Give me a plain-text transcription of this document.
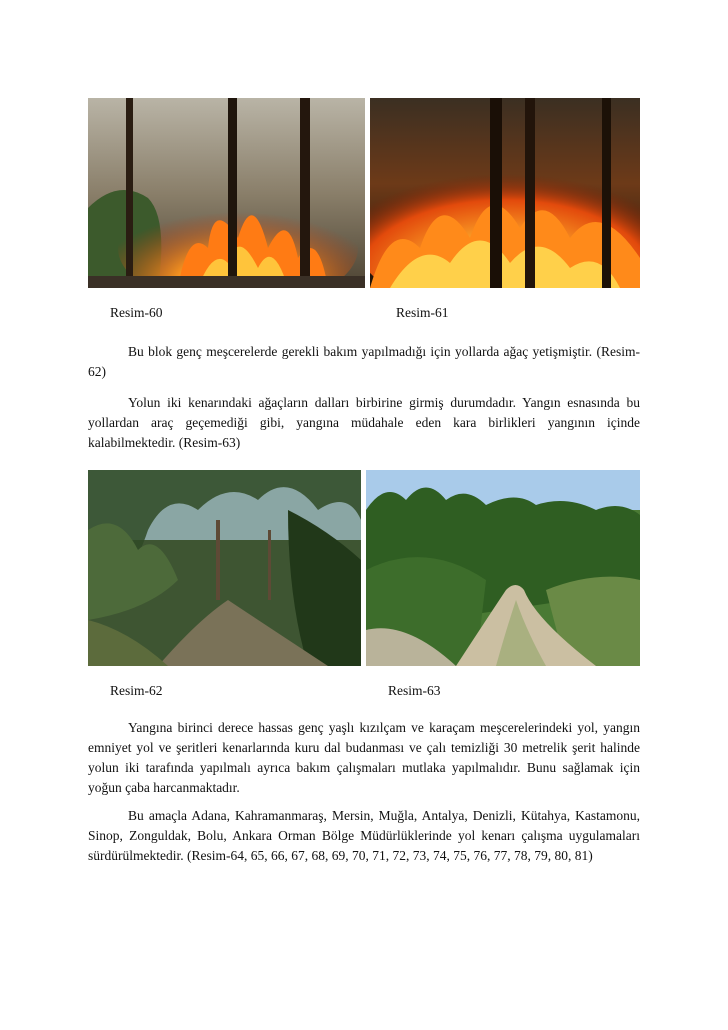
Resim-60	Resim-61

Bu blok genç meşcerelerde gerekli bakım yapılmadığı için yollarda ağaç yetişmiştir. (Resim-62)

Yolun iki kenarındaki ağaçların dalları birbirine girmiş durumdadır. Yangın esnasında bu yollardan araç geçemediği gibi, yangına müdahale eden kara birlikleri yangının içinde kalabilmektedir. (Resim-63)

Resim-62	Resim-63

Yangına birinci derece hassas genç yaşlı kızılçam ve karaçam meşcerelerindeki yol, yangın emniyet yol ve şeritleri kenarlarında kuru dal budanması ve çalı temizliği 30 metrelik şerit halinde yolun iki tarafında yapılmalı ayrıca bakım çalışmaları mutlaka yapılmalıdır. Bunu sağlamak için yoğun çaba harcanmaktadır.

Bu amaçla Adana, Kahramanmaraş, Mersin, Muğla, Antalya, Denizli, Kütahya, Kastamonu, Sinop, Zonguldak, Bolu, Ankara Orman Bölge Müdürlüklerinde yol kenarı çalışma uygulamaları sürdürülmektedir. (Resim-64, 65, 66, 67, 68, 69, 70, 71, 72, 73, 74, 75, 76, 77, 78, 79, 80, 81)
